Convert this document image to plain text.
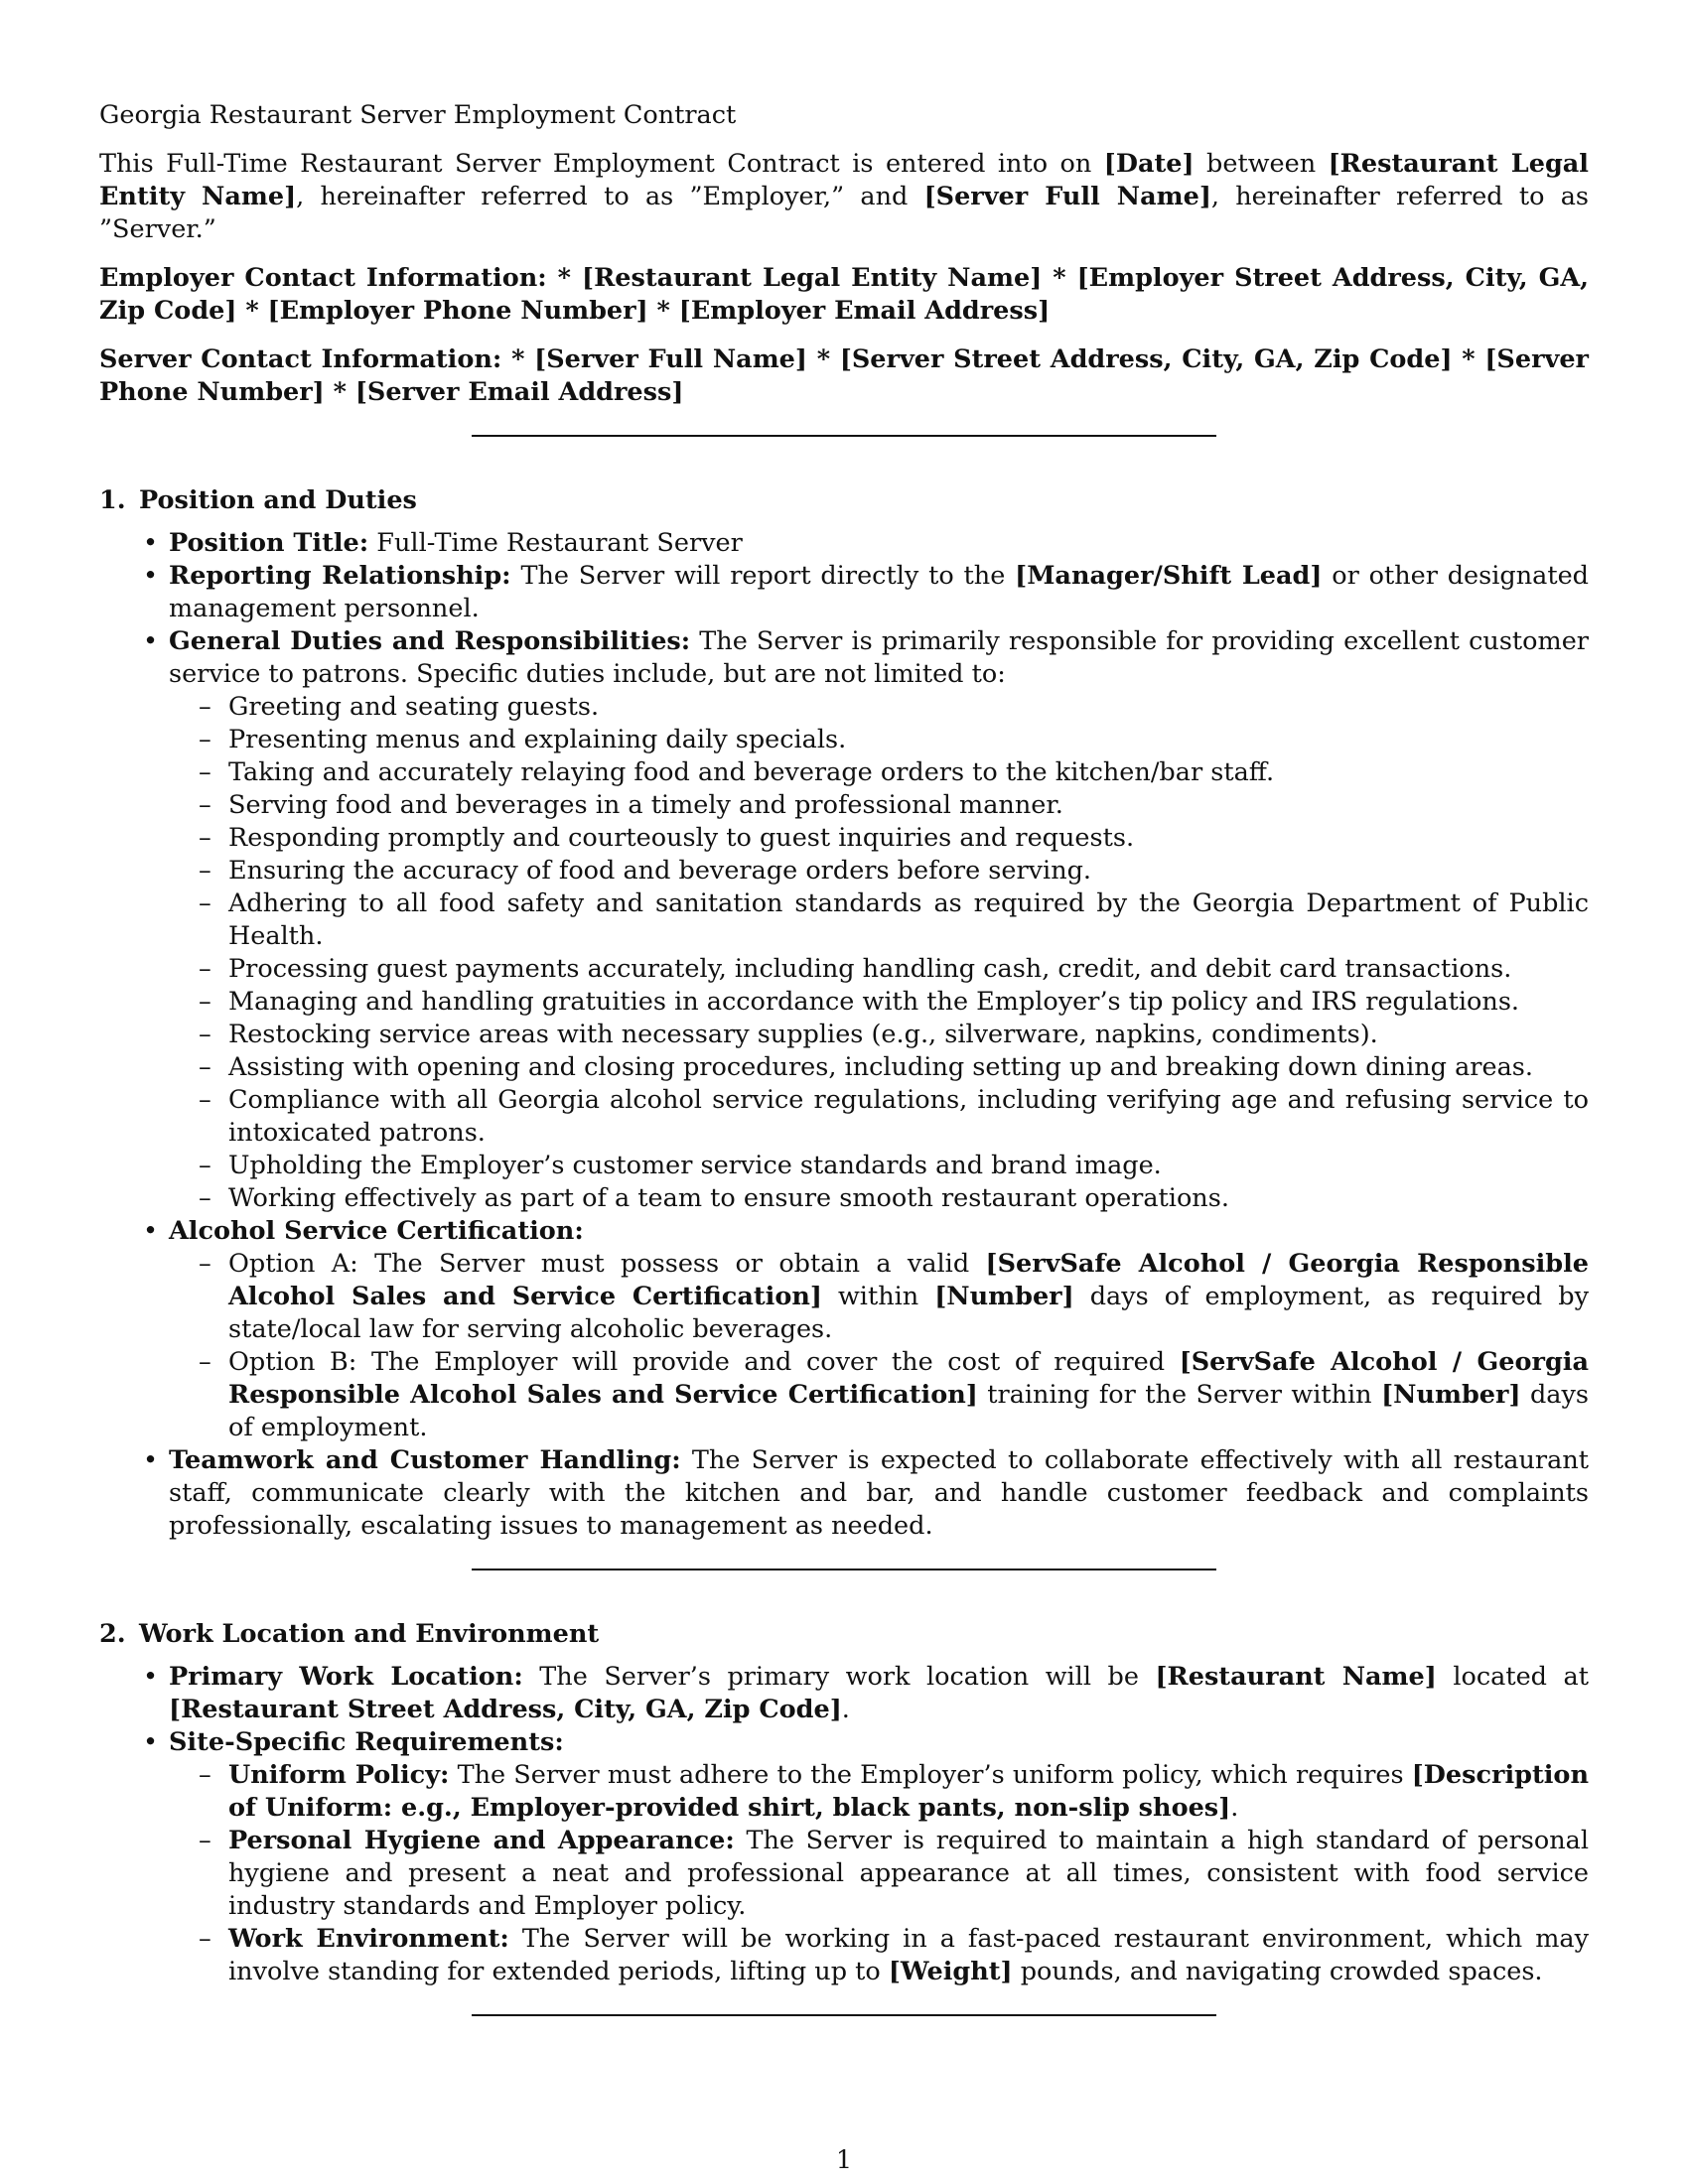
Georgia Restaurant Server Employment Contract

This Full-Time Restaurant Server Employment Contract is entered into on [Date] between [Restaurant Legal Entity Name], hereinafter referred to as ”Employer,” and [Server Full Name], hereinafter referred to as ”Server.”

Employer Contact Information: * [Restaurant Legal Entity Name] * [Employer Street Address, City, GA, Zip Code] * [Employer Phone Number] * [Employer Email Address]

Server Contact Information: * [Server Full Name] * [Server Street Address, City, GA, Zip Code] * [Server Phone Number] * [Server Email Address]

1. Position and Duties
• Position Title: Full-Time Restaurant Server
• Reporting Relationship: The Server will report directly to the [Manager/Shift Lead] or other designated management personnel.
• General Duties and Responsibilities: The Server is primarily responsible for providing excellent customer service to patrons. Specific duties include, but are not limited to:
– Greeting and seating guests.
– Presenting menus and explaining daily specials.
– Taking and accurately relaying food and beverage orders to the kitchen/bar staff.
– Serving food and beverages in a timely and professional manner.
– Responding promptly and courteously to guest inquiries and requests.
– Ensuring the accuracy of food and beverage orders before serving.
– Adhering to all food safety and sanitation standards as required by the Georgia Department of Public Health.
– Processing guest payments accurately, including handling cash, credit, and debit card transactions.
– Managing and handling gratuities in accordance with the Employer’s tip policy and IRS regulations.
– Restocking service areas with necessary supplies (e.g., silverware, napkins, condiments).
– Assisting with opening and closing procedures, including setting up and breaking down dining areas.
– Compliance with all Georgia alcohol service regulations, including verifying age and refusing service to intoxicated patrons.
– Upholding the Employer’s customer service standards and brand image.
– Working effectively as part of a team to ensure smooth restaurant operations.
• Alcohol Service Certification:
– Option A: The Server must possess or obtain a valid [ServSafe Alcohol / Georgia Responsible Alcohol Sales and Service Certification] within [Number] days of employment, as required by state/local law for serving alcoholic beverages.
– Option B: The Employer will provide and cover the cost of required [ServSafe Alcohol / Georgia Responsible Alcohol Sales and Service Certification] training for the Server within [Number] days of employment.
• Teamwork and Customer Handling: The Server is expected to collaborate effectively with all restaurant staff, communicate clearly with the kitchen and bar, and handle customer feedback and complaints professionally, escalating issues to management as needed.
2. Work Location and Environment
• Primary Work Location: The Server’s primary work location will be [Restaurant Name] located at [Restaurant Street Address, City, GA, Zip Code].
• Site-Specific Requirements:
– Uniform Policy: The Server must adhere to the Employer’s uniform policy, which requires [Description of Uniform: e.g., Employer-provided shirt, black pants, non-slip shoes].
– Personal Hygiene and Appearance: The Server is required to maintain a high standard of personal hygiene and present a neat and professional appearance at all times, consistent with food service industry standards and Employer policy.
– Work Environment: The Server will be working in a fast-paced restaurant environment, which may involve standing for extended periods, lifting up to [Weight] pounds, and navigating crowded spaces.
1
